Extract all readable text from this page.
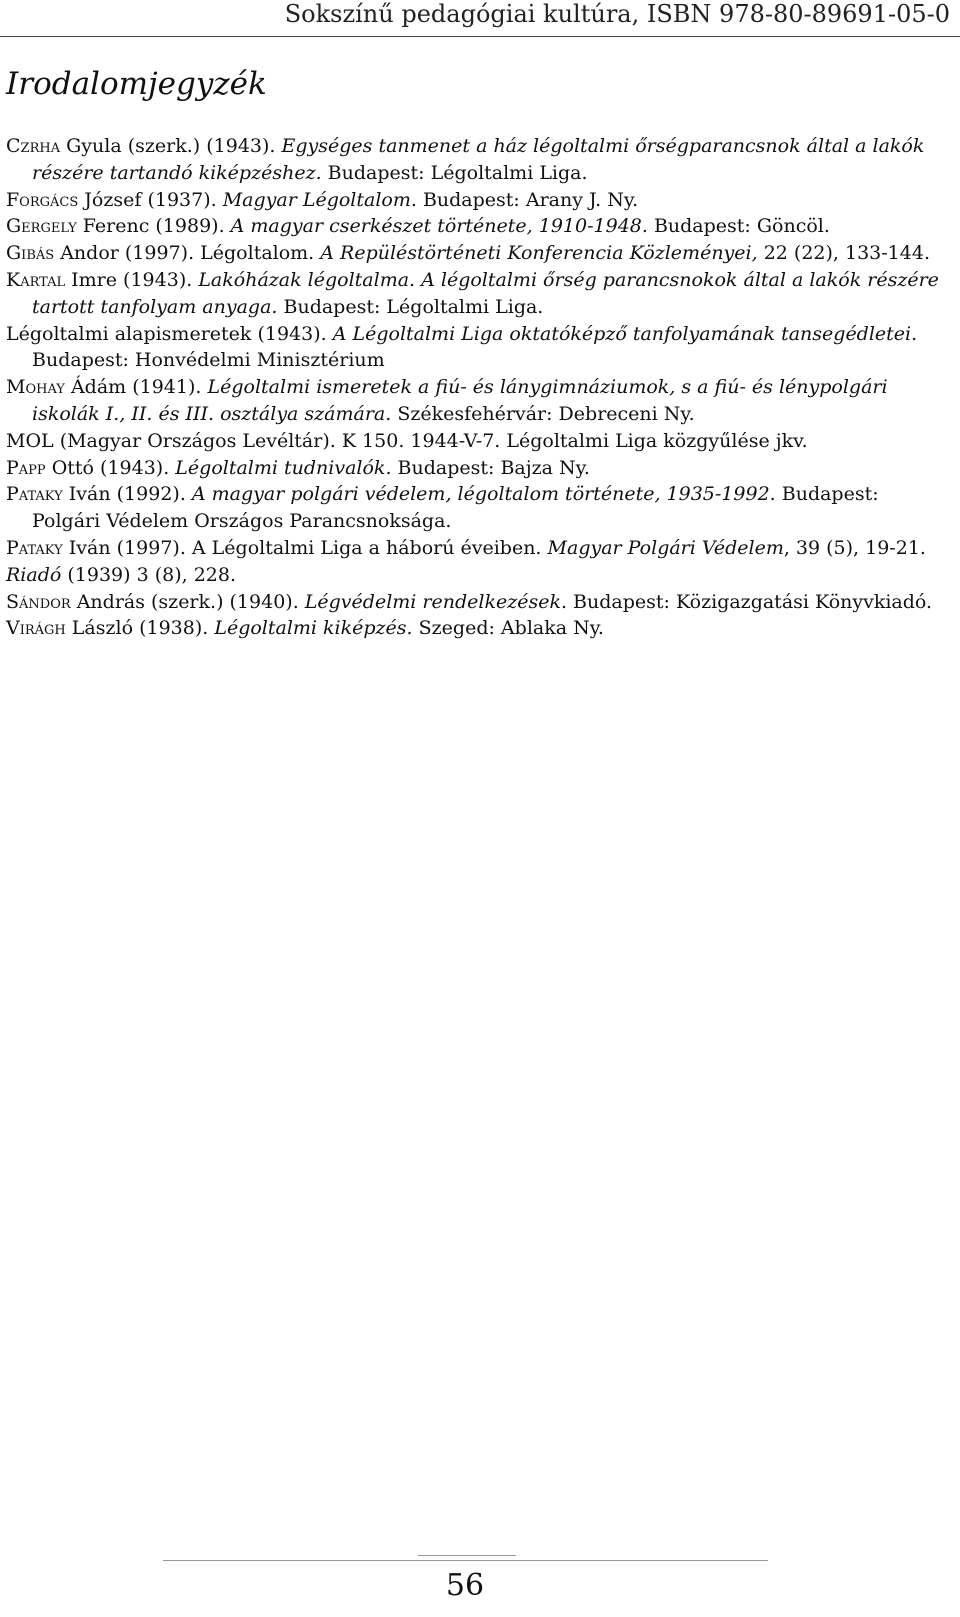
Sokszínű pedagógiai kultúra, ISBN 978-80-89691-05-0
Irodalomjegyzék
Czrha Gyula (szerk.) (1943). Egységes tanmenet a ház légoltalmi őrségparancsnok által a lakók részére tartandó kiképzéshez. Budapest: Légoltalmi Liga.
Forgács József (1937). Magyar Légoltalom. Budapest: Arany J. Ny.
Gergely Ferenc (1989). A magyar cserkészet története, 1910-1948. Budapest: Göncöl.
Gibás Andor (1997). Légoltalom. A Repüléstörténeti Konferencia Közleményei, 22 (22), 133-144.
Kartal Imre (1943). Lakóházak légoltalma. A légoltalmi őrség parancsnokok által a lakók részére tartott tanfolyam anyaga. Budapest: Légoltalmi Liga.
Légoltalmi alapismeretek (1943). A Légoltalmi Liga oktatóképző tanfolyamának tansegédletei. Budapest: Honvédelmi Minisztérium
Mohay Ádám (1941). Légoltalmi ismeretek a fiú- és lánygimnáziumok, s a fiú- és lénypolgári iskolák I., II. és III. osztálya számára. Székesfehérvár: Debreceni Ny.
MOL (Magyar Országos Levéltár). K 150. 1944-V-7. Légoltalmi Liga közgyűlése jkv.
Papp Ottó (1943). Légoltalmi tudnivalók. Budapest: Bajza Ny.
Pataky Iván (1992). A magyar polgári védelem, légoltalom története, 1935-1992. Budapest: Polgári Védelem Országos Parancsnoksága.
Pataky Iván (1997). A Légoltalmi Liga a háború éveiben. Magyar Polgári Védelem, 39 (5), 19-21.
Riadó (1939) 3 (8), 228.
Sándor András (szerk.) (1940). Légvédelmi rendelkezések. Budapest: Közigazgatási Könyvkiadó.
Virágh László (1938). Légoltalmi kiképzés. Szeged: Ablaka Ny.
56
